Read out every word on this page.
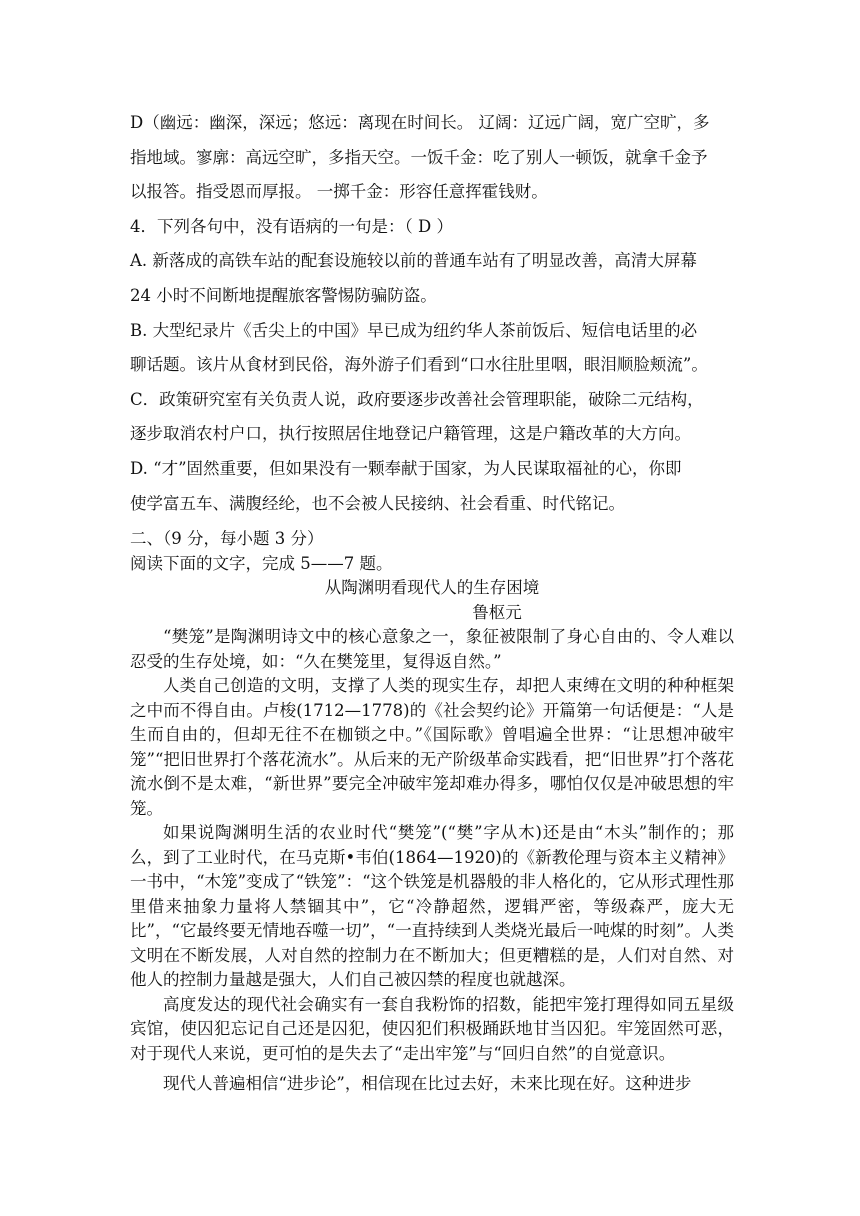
D（幽远：幽深，深远；悠远：离现在时间长。 辽阔：辽远广阔，宽广空旷，多

指地域。寥廓：高远空旷，多指天空。一饭千金：吃了别人一顿饭，就拿千金予

以报答。指受恩而厚报。 一掷千金：形容任意挥霍钱财。

4．下列各句中，没有语病的一句是：（ D ）

A. 新落成的高铁车站的配套设施较以前的普通车站有了明显改善，高清大屏幕

24 小时不间断地提醒旅客警惕防骗防盗。

B. 大型纪录片《舌尖上的中国》早已成为纽约华人茶前饭后、短信电话里的必

聊话题。该片从食材到民俗，海外游子们看到“口水往肚里咽，眼泪顺脸颊流”。

C．政策研究室有关负责人说，政府要逐步改善社会管理职能，破除二元结构，

逐步取消农村户口，执行按照居住地登记户籍管理，这是户籍改革的大方向。

D. “才”固然重要，但如果没有一颗奉献于国家，为人民谋取福祉的心，你即

使学富五车、满腹经纶，也不会被人民接纳、社会看重、时代铭记。

二、（9 分，每小题 3 分）

阅读下面的文字，完成 5——7 题。

从陶渊明看现代人的生存困境

鲁枢元

“樊笼”是陶渊明诗文中的核心意象之一，象征被限制了身心自由的、令人难以忍受的生存处境，如：“久在樊笼里，复得返自然。”

人类自己创造的文明，支撑了人类的现实生存，却把人束缚在文明的种种框架之中而不得自由。卢梭(1712—1778)的《社会契约论》开篇第一句话便是：“人是生而自由的，但却无往不在枷锁之中。”《国际歌》曾唱遍全世界：“让思想冲破牢笼”“把旧世界打个落花流水”。从后来的无产阶级革命实践看，把“旧世界”打个落花流水倒不是太难，“新世界”要完全冲破牢笼却难办得多，哪怕仅仅是冲破思想的牢笼。

如果说陶渊明生活的农业时代“樊笼”(“樊”字从木)还是由“木头”制作的；那么，到了工业时代，在马克斯•韦伯(1864—1920)的《新教伦理与资本主义精神》一书中，“木笼”变成了“铁笼”：“这个铁笼是机器般的非人格化的，它从形式理性那里借来抽象力量将人禁锢其中”，它“冷静超然，逻辑严密，等级森严，庞大无比”，“它最终要无情地吞噬一切”，“一直持续到人类烧光最后一吨煤的时刻”。人类文明在不断发展，人对自然的控制力在不断加大；但更糟糕的是，人们对自然、对他人的控制力量越是强大，人们自己被囚禁的程度也就越深。

高度发达的现代社会确实有一套自我粉饰的招数，能把牢笼打理得如同五星级宾馆，使囚犯忘记自己还是囚犯，使囚犯们积极踊跃地甘当囚犯。牢笼固然可恶，对于现代人来说，更可怕的是失去了“走出牢笼”与“回归自然”的自觉意识。

现代人普遍相信“进步论”，相信现在比过去好，未来比现在好。这种进步
